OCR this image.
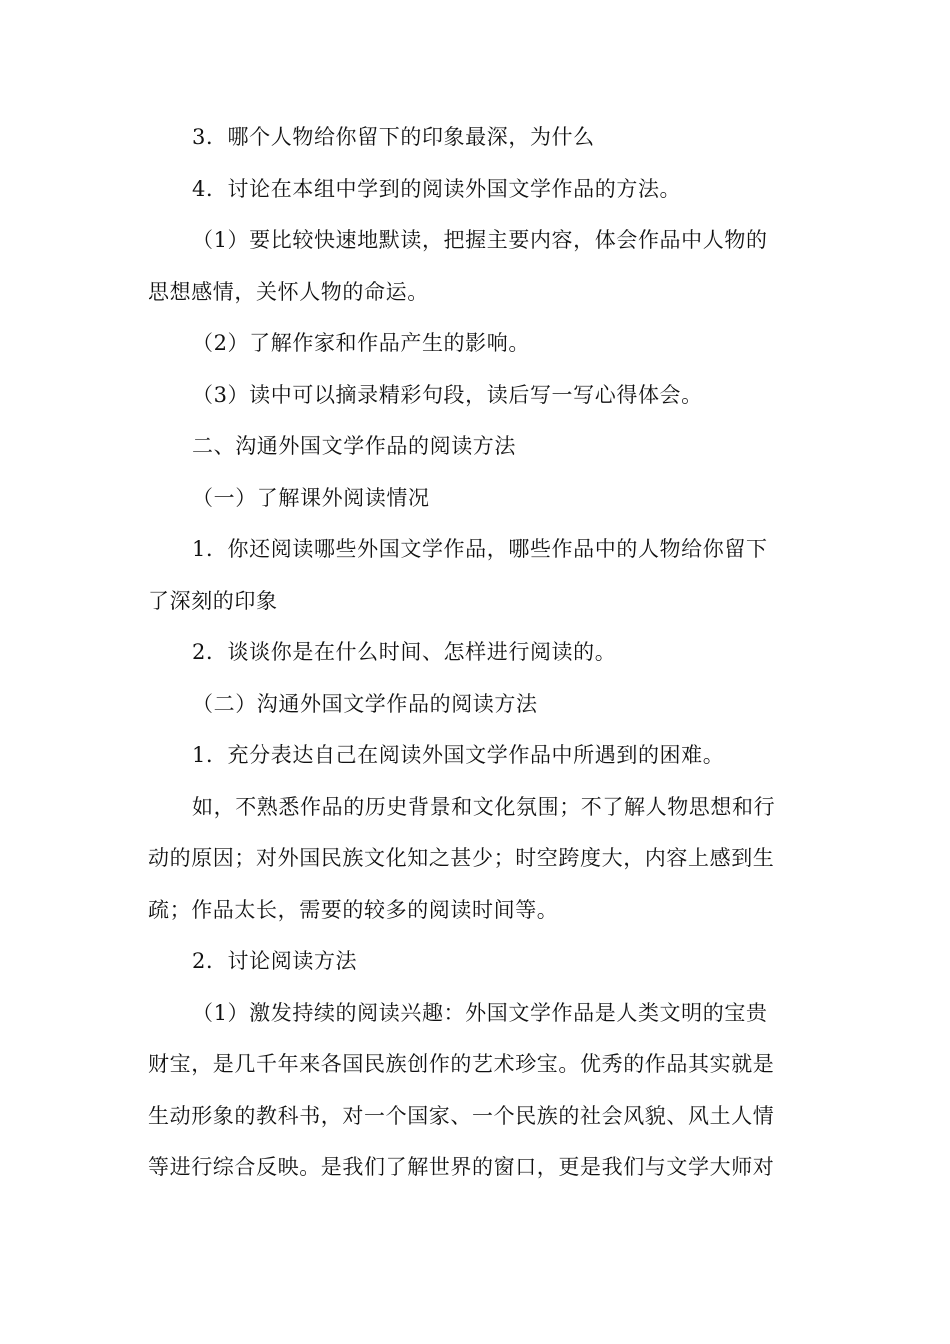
3．哪个人物给你留下的印象最深，为什么

4．讨论在本组中学到的阅读外国文学作品的方法。

（1）要比较快速地默读，把握主要内容，体会作品中人物的
思想感情，关怀人物的命运。

（2）了解作家和作品产生的影响。

（3）读中可以摘录精彩句段，读后写一写心得体会。

二、沟通外国文学作品的阅读方法

（一）了解课外阅读情况

1．你还阅读哪些外国文学作品，哪些作品中的人物给你留下
了深刻的印象

2．谈谈你是在什么时间、怎样进行阅读的。

（二）沟通外国文学作品的阅读方法

1．充分表达自己在阅读外国文学作品中所遇到的困难。

如，不熟悉作品的历史背景和文化氛围；不了解人物思想和行
动的原因；对外国民族文化知之甚少；时空跨度大，内容上感到生
疏；作品太长，需要的较多的阅读时间等。

2．讨论阅读方法

（1）激发持续的阅读兴趣：外国文学作品是人类文明的宝贵
财宝，是几千年来各国民族创作的艺术珍宝。优秀的作品其实就是
生动形象的教科书，对一个国家、一个民族的社会风貌、风土人情
等进行综合反映。是我们了解世界的窗口，更是我们与文学大师对
